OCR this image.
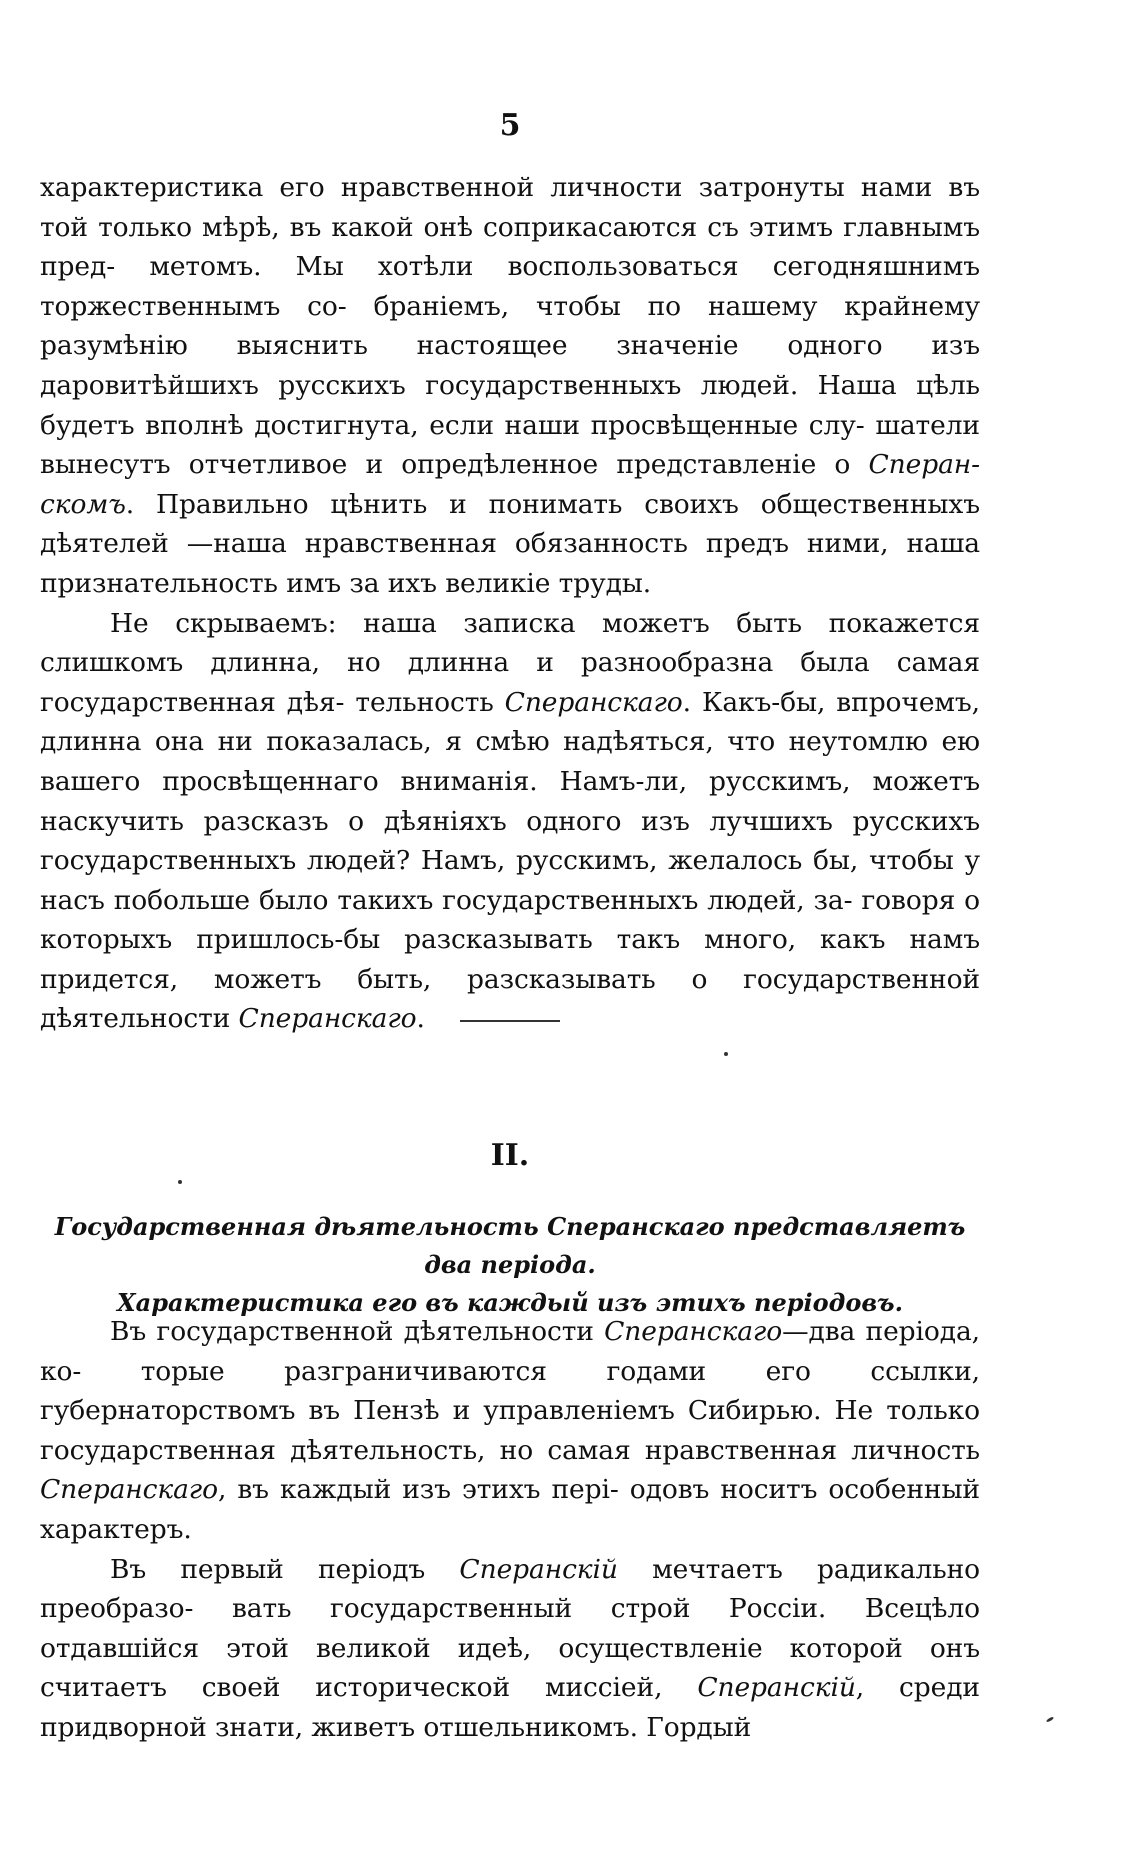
5

характеристика его нравственной личности затронуты нами въ той только мѣрѣ, въ какой онѣ соприкасаются съ этимъ главнымъ пред- метомъ. Мы хотѣли воспользоваться сегодняшнимъ торжественнымъ со- браніемъ, чтобы по нашему крайнему разумѣнію выяснить настоящее значеніе одного изъ даровитѣйшихъ русскихъ государственныхъ людей. Наша цѣль будетъ вполнѣ достигнута, если наши просвѣщенные слу- шатели вынесутъ отчетливое и опредѣленное представленіе о Сперан- скомъ. Правильно цѣнить и понимать своихъ общественныхъ дѣятелей —наша нравственная обязанность предъ ними, наша признательность имъ за ихъ великіе труды.

Не скрываемъ: наша записка можетъ быть покажется слишкомъ длинна, но длинна и разнообразна была самая государственная дѣя- тельность Сперанскаго. Какъ-бы, впрочемъ, длинна она ни показалась, я смѣю надѣяться, что неутомлю ею вашего просвѣщеннаго вниманія. Намъ-ли, русскимъ, можетъ наскучить разсказъ о дѣяніяхъ одного изъ лучшихъ русскихъ государственныхъ людей? Намъ, русскимъ, желалось бы, чтобы у насъ побольше было такихъ государственныхъ людей, за- говоря о которыхъ пришлось-бы разсказывать такъ много, какъ намъ придется, можетъ быть, разсказывать о государственной дѣятельности Сперанскаго.

II.
Государственная дѣятельность Сперанскаго представляетъ два періода.
Характеристика его въ каждый изъ этихъ періодовъ.

Въ государственной дѣятельности Сперанскаго—два періода, ко- торые разграничиваются годами его ссылки, губернаторствомъ въ Пензѣ и управленіемъ Сибирью. Не только государственная дѣятельность, но самая нравственная личность Сперанскаго, въ каждый изъ этихъ пері- одовъ носитъ особенный характеръ.

Въ первый періодъ Сперанскій мечтаетъ радикально преобразо- вать государственный строй Россіи. Всецѣло отдавшійся этой великой идеѣ, осуществленіе которой онъ считаетъ своей исторической миссіей, Сперанскій, среди придворной знати, живетъ отшельникомъ. Гордый
